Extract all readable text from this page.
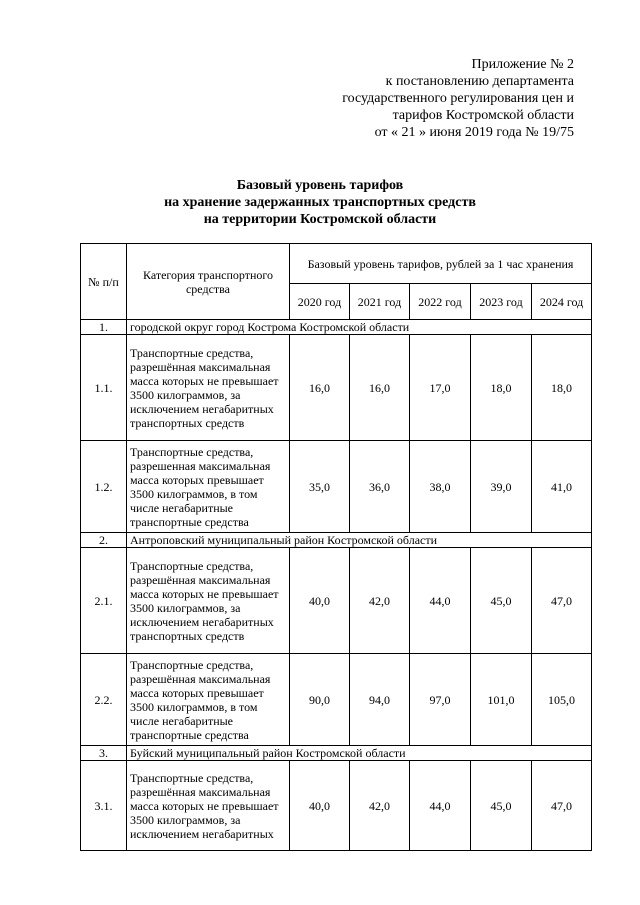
Приложение № 2
к постановлению департамента
государственного регулирования цен и
тарифов Костромской области
от « 21 » июня 2019 года № 19/75
Базовый уровень тарифов
на хранение задержанных транспортных средств
на территории Костромской области
№ п/п	Категория транспортного средства	Базовый уровень тарифов, рублей за 1 час хранения				
		2020 год	2021 год	2022 год	2023 год	2024 год
1.	городской округ город Кострома Костромской области					
1.1.	Транспортные средства, разрешённая максимальная масса которых не превышает 3500 килограммов, за исключением негабаритных транспортных средств	16,0	16,0	17,0	18,0	18,0
1.2.	Транспортные средства, разрешенная максимальная масса которых превышает 3500 килограммов, в том числе негабаритные транспортные средства	35,0	36,0	38,0	39,0	41,0
2.	Антроповский муниципальный район Костромской области					
2.1.	Транспортные средства, разрешённая максимальная масса которых не превышает 3500 килограммов, за исключением негабаритных транспортных средств	40,0	42,0	44,0	45,0	47,0
2.2.	Транспортные средства, разрешённая максимальная масса которых превышает 3500 килограммов, в том числе негабаритные транспортные средства	90,0	94,0	97,0	101,0	105,0
3.	Буйский муниципальный район Костромской области					
3.1.	Транспортные средства, разрешённая максимальная масса которых не превышает 3500 килограммов, за исключением негабаритных	40,0	42,0	44,0	45,0	47,0
